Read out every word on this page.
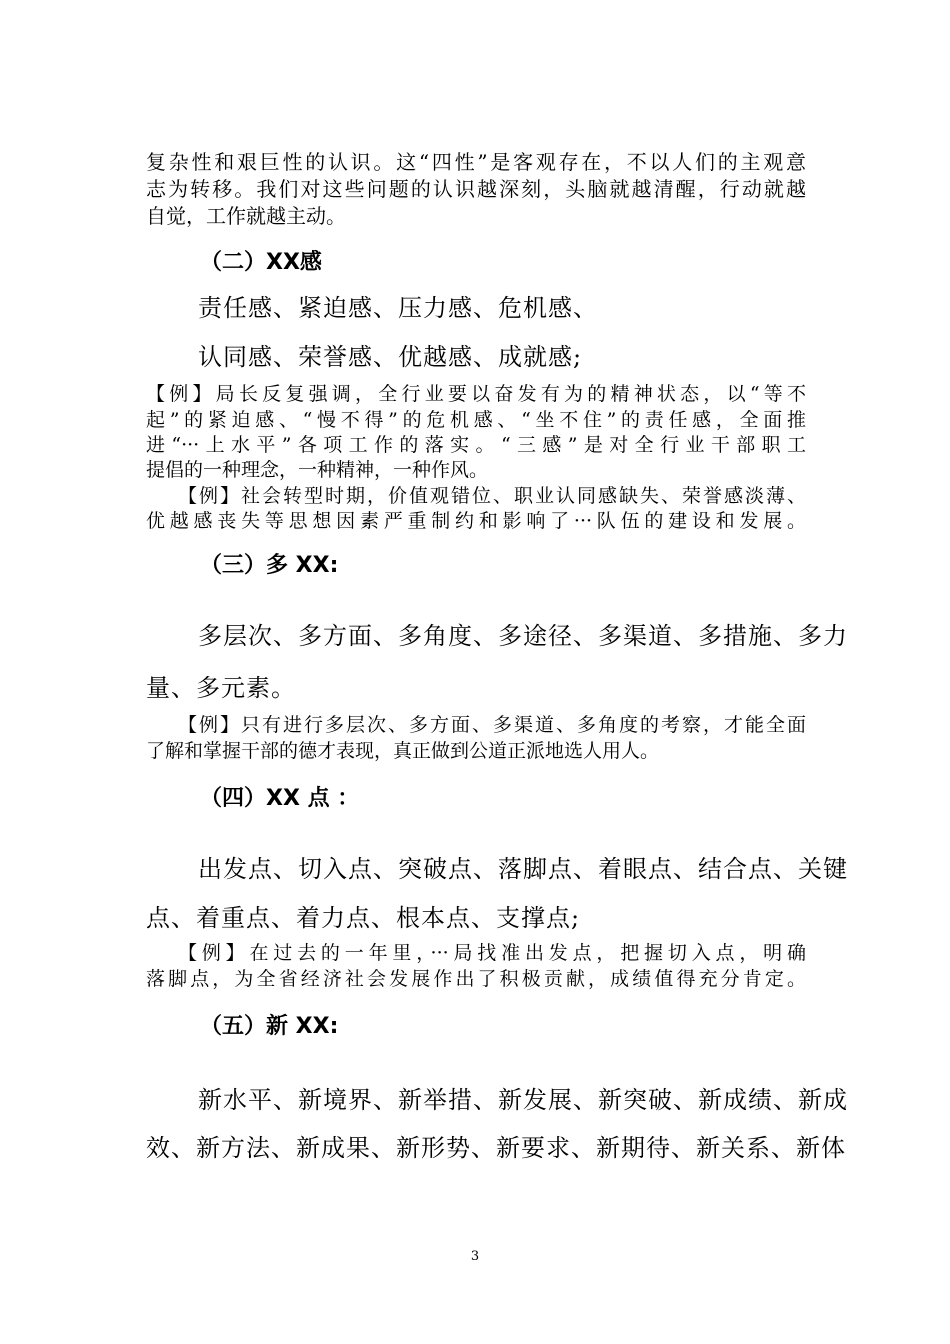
复杂性和艰巨性的认识。这“四性”是客观存在，不以人们的主观意
志为转移。我们对这些问题的认识越深刻，头脑就越清醒，行动就越
自觉，工作就越主动。
（二）XX感
责任感、紧迫感、压力感、危机感、
认同感、荣誉感、优越感、成就感;
【例】局长反复强调，全行业要以奋发有为的精神状态，以“等不
起”的紧迫感、“慢不得”的危机感、“坐不住”的责任感，全面推
进“···上水平”各项工作的落实。“三感”是对全行业干部职工
提倡的一种理念，一种精神，一种作风。
【例】社会转型时期，价值观错位、职业认同感缺失、荣誉感淡薄、
优越感丧失等思想因素严重制约和影响了···队伍的建设和发展。
（三）多 XX:
多层次、多方面、多角度、多途径、多渠道、多措施、多力
量、多元素。
【例】只有进行多层次、多方面、多渠道、多角度的考察，才能全面
了解和掌握干部的德才表现，真正做到公道正派地选人用人。
（四）XX 点 ：
出发点、切入点、突破点、落脚点、着眼点、结合点、关键
点、着重点、着力点、根本点、支撑点;
【例】在过去的一年里，···局找准出发点，把握切入点，明确
落脚点，为全省经济社会发展作出了积极贡献，成绩值得充分肯定。
（五）新 XX:
新水平、新境界、新举措、新发展、新突破、新成绩、新成
效、新方法、新成果、新形势、新要求、新期待、新关系、新体
3
